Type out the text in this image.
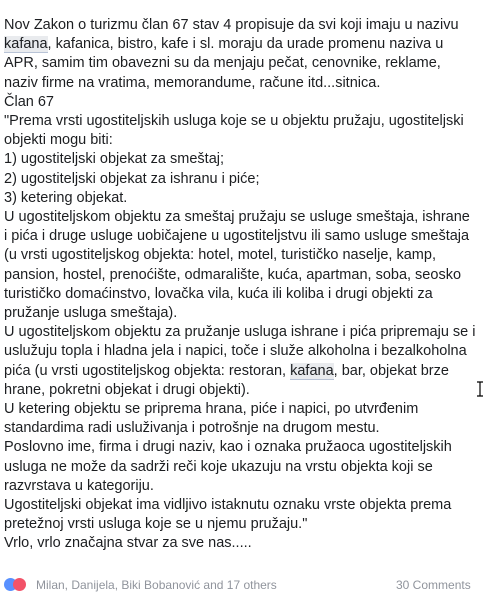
Nov Zakon o turizmu član 67 stav 4 propisuje da svi koji imaju u nazivu kafana, kafanica, bistro, kafe i sl. moraju da urade promenu naziva u APR, samim tim obavezni su da menjaju pečat, cenovnike, reklame, naziv firme na vratima, memorandume, račune itd...sitnica.

Član 67

"Prema vrsti ugostiteljskih usluga koje se u objektu pružaju, ugostiteljski objekti mogu biti:

1) ugostiteljski objekat za smeštaj;

2) ugostiteljski objekat za ishranu i piće;

3) ketering objekat.

U ugostiteljskom objektu za smeštaj pružaju se usluge smeštaja, ishrane i pića i druge usluge uobičajene u ugostiteljstvu ili samo usluge smeštaja (u vrsti ugostiteljskog objekta: hotel, motel, turističko naselje, kamp, pansion, hostel, prenoćište, odmaralište, kuća, apartman, soba, seosko turističko domaćinstvo, lovačka vila, kuća ili koliba i drugi objekti za pružanje usluga smeštaja).

U ugostiteljskom objektu za pružanje usluga ishrane i pića pripremaju se i uslužuju topla i hladna jela i napici, toče i služe alkoholna i bezalkoholna pića (u vrsti ugostiteljskog objekta: restoran, kafana, bar, objekat brze hrane, pokretni objekat i drugi objekti).

U ketering objektu se priprema hrana, piće i napici, po utvrđenim standardima radi usluživanja i potrošnje na drugom mestu.

Poslovno ime, firma i drugi naziv, kao i oznaka pružaoca ugostiteljskih usluga ne može da sadrži reči koje ukazuju na vrstu objekta koji se razvrstava u kategoriju.

Ugostiteljski objekat ima vidljivo istaknutu oznaku vrste objekta prema pretežnoj vrsti usluga koje se u njemu pružaju."

Vrlo, vrlo značajna stvar za sve nas.....

Milan, Danijela, Biki Bobanović and 17 others	30 Comments
